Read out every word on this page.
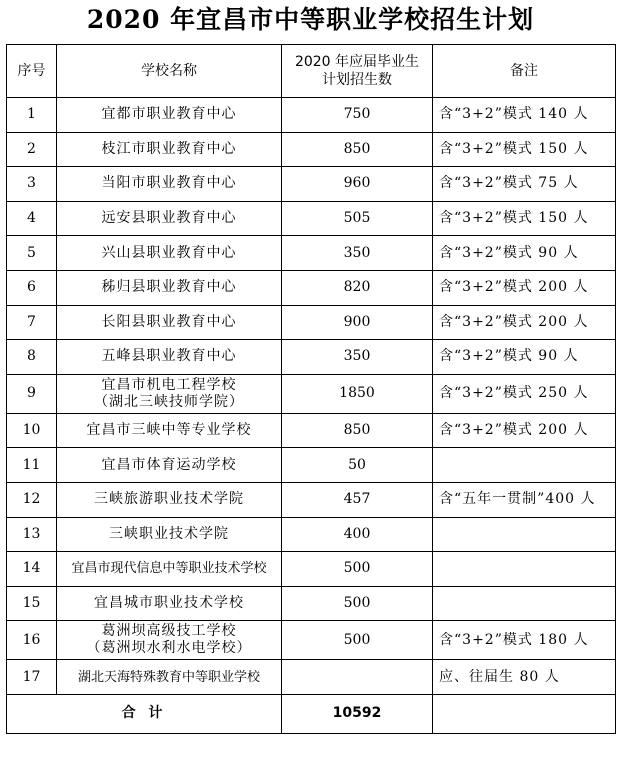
2020 年宜昌市中等职业学校招生计划
序号	学校名称	2020 年应届毕业生
计划招生数	备注
1	宜都市职业教育中心	750	含“3+2”模式 140 人
2	枝江市职业教育中心	850	含“3+2”模式 150 人
3	当阳市职业教育中心	960	含“3+2”模式 75 人
4	远安县职业教育中心	505	含“3+2”模式 150 人
5	兴山县职业教育中心	350	含“3+2”模式 90 人
6	秭归县职业教育中心	820	含“3+2”模式 200 人
7	长阳县职业教育中心	900	含“3+2”模式 200 人
8	五峰县职业教育中心	350	含“3+2”模式 90 人
9	宜昌市机电工程学校
（湖北三峡技师学院）	1850	含“3+2”模式 250 人
10	宜昌市三峡中等专业学校	850	含“3+2”模式 200 人
11	宜昌市体育运动学校	50	
12	三峡旅游职业技术学院	457	含“五年一贯制”400 人
13	三峡职业技术学院	400	
14	宜昌市现代信息中等职业技术学校	500	
15	宜昌城市职业技术学校	500	
16	葛洲坝高级技工学校
（葛洲坝水利水电学校）	500	含“3+2”模式 180 人
17	湖北天海特殊教育中等职业学校		应、往届生 80 人
合 计		10592	
